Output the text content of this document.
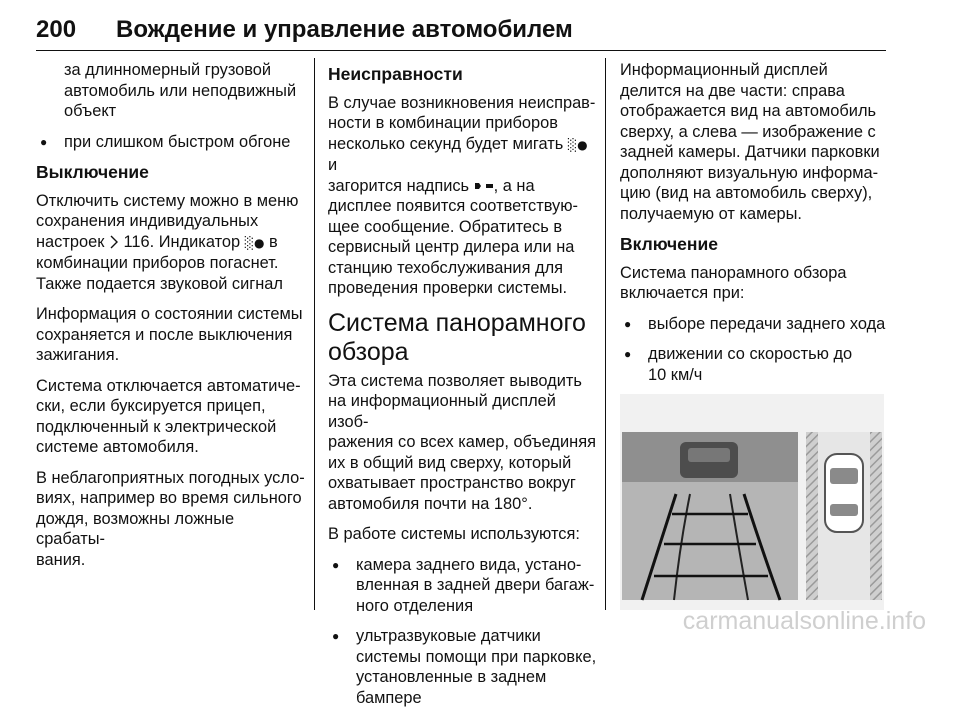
200 Вождение и управление автомобилем
за длинномерный грузовой
автомобиль или неподвижный
объект
● при слишком быстром обгоне
Выключение

Отключить систему можно в меню
сохранения индивидуальных
настроек 116. Индикатор ░● в
комбинации приборов погаснет.
Также подается звуковой сигнал

Информация о состоянии системы
сохраняется и после выключения
зажигания.

Система отключается автоматиче-
ски, если буксируется прицеп,
подключенный к электрической
системе автомобиля.

В неблагоприятных погодных усло-
виях, например во время сильного
дождя, возможны ложные срабаты-
вания.

Неисправности

В случае возникновения неисправ-
ности в комбинации приборов
несколько секунд будет мигать ░● и
загорится надпись , а на
дисплее появится соответствую-
щее сообщение. Обратитесь в
сервисный центр дилера или на
станцию техобслуживания для
проведения проверки системы.

Система панорамного
обзора

Эта система позволяет выводить
на информационный дисплей изоб-
ражения со всех камер, объединяя
их в общий вид сверху, который
охватывает пространство вокруг
автомобиля почти на 180°.

В работе системы используются:

● камера заднего вида, устано-
вленная в задней двери багаж-
ного отделения
● ультразвуковые датчики
системы помощи при парковке,
установленные в заднем
бампере

Информационный дисплей
делится на две части: справа
отображается вид на автомобиль
сверху, а слева — изображение с
задней камеры. Датчики парковки
дополняют визуальную информа-
цию (вид на автомобиль сверху),
получаемую от камеры.

Включение

Система панорамного обзора
включается при:

● выборе передачи заднего хода
● движении со скоростью до
10 км/ч
carmanualsonline.info
